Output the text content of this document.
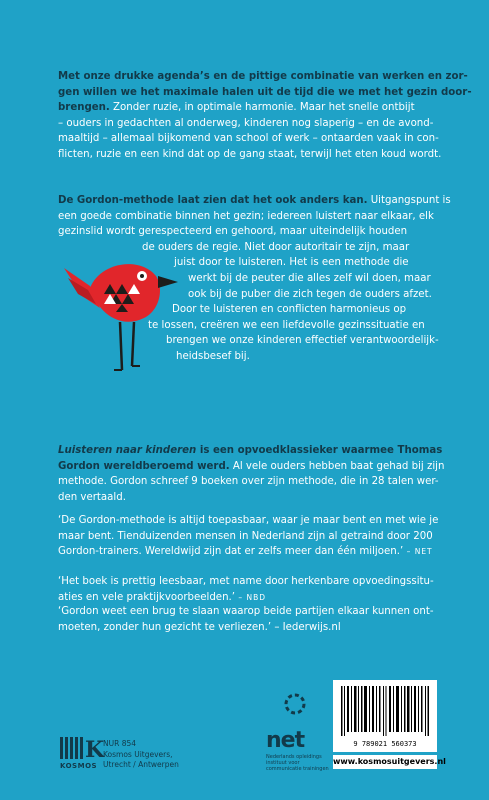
Met onze drukke agenda’s en de pittige combinatie van werken en zor-
gen willen we het maximale halen uit de tijd die we met het gezin door-
brengen. Zonder ruzie, in optimale harmonie. Maar het snelle ontbijt
– ouders in gedachten al onderweg, kinderen nog slaperig – en de avond-
maaltijd – allemaal bijkomend van school of werk – ontaarden vaak in con-
flicten, ruzie en een kind dat op de gang staat, terwijl het eten koud wordt.

De Gordon-methode laat zien dat het ook anders kan. Uitgangspunt is
een goede combinatie binnen het gezin; iedereen luistert naar elkaar, elk
gezinslid wordt gerespecteerd en gehoord, maar uiteindelijk houden
de ouders de regie. Niet door autoritair te zijn, maar
juist door te luisteren. Het is een methode die
werkt bij de peuter die alles zelf wil doen, maar
ook bij de puber die zich tegen de ouders afzet.
Door te luisteren en conflicten harmonieus op
te lossen, creëren we een liefdevolle gezinssituatie en
brengen we onze kinderen effectief verantwoordelijk-
heidsbesef bij.

Luisteren naar kinderen is een opvoedklassieker waarmee Thomas
Gordon wereldberoemd werd. Al vele ouders hebben baat gehad bij zijn
methode. Gordon schreef 9 boeken over zijn methode, die in 28 talen wer-
den vertaald.

‘De Gordon-methode is altijd toepasbaar, waar je maar bent en met wie je
maar bent. Tienduizenden mensen in Nederland zijn al getraind door 200
Gordon-trainers. Wereldwijd zijn dat er zelfs meer dan één miljoen.’ – NET

‘Het boek is prettig leesbaar, met name door herkenbare opvoedingssitu-
aties en vele praktijkvoorbeelden.’ – NBD

‘Gordon weet een brug te slaan waarop beide partijen elkaar kunnen ont-
moeten, zonder hun gezicht te verliezen.’ – Iederwijs.nl

K
KOSMOS
NUR 854
Kosmos Uitgevers,
Utrecht / Antwerpen
net
Nederlands opleidings instituut voor communicatie trainingen
9 789021 560373
www.kosmosuitgevers.nl
